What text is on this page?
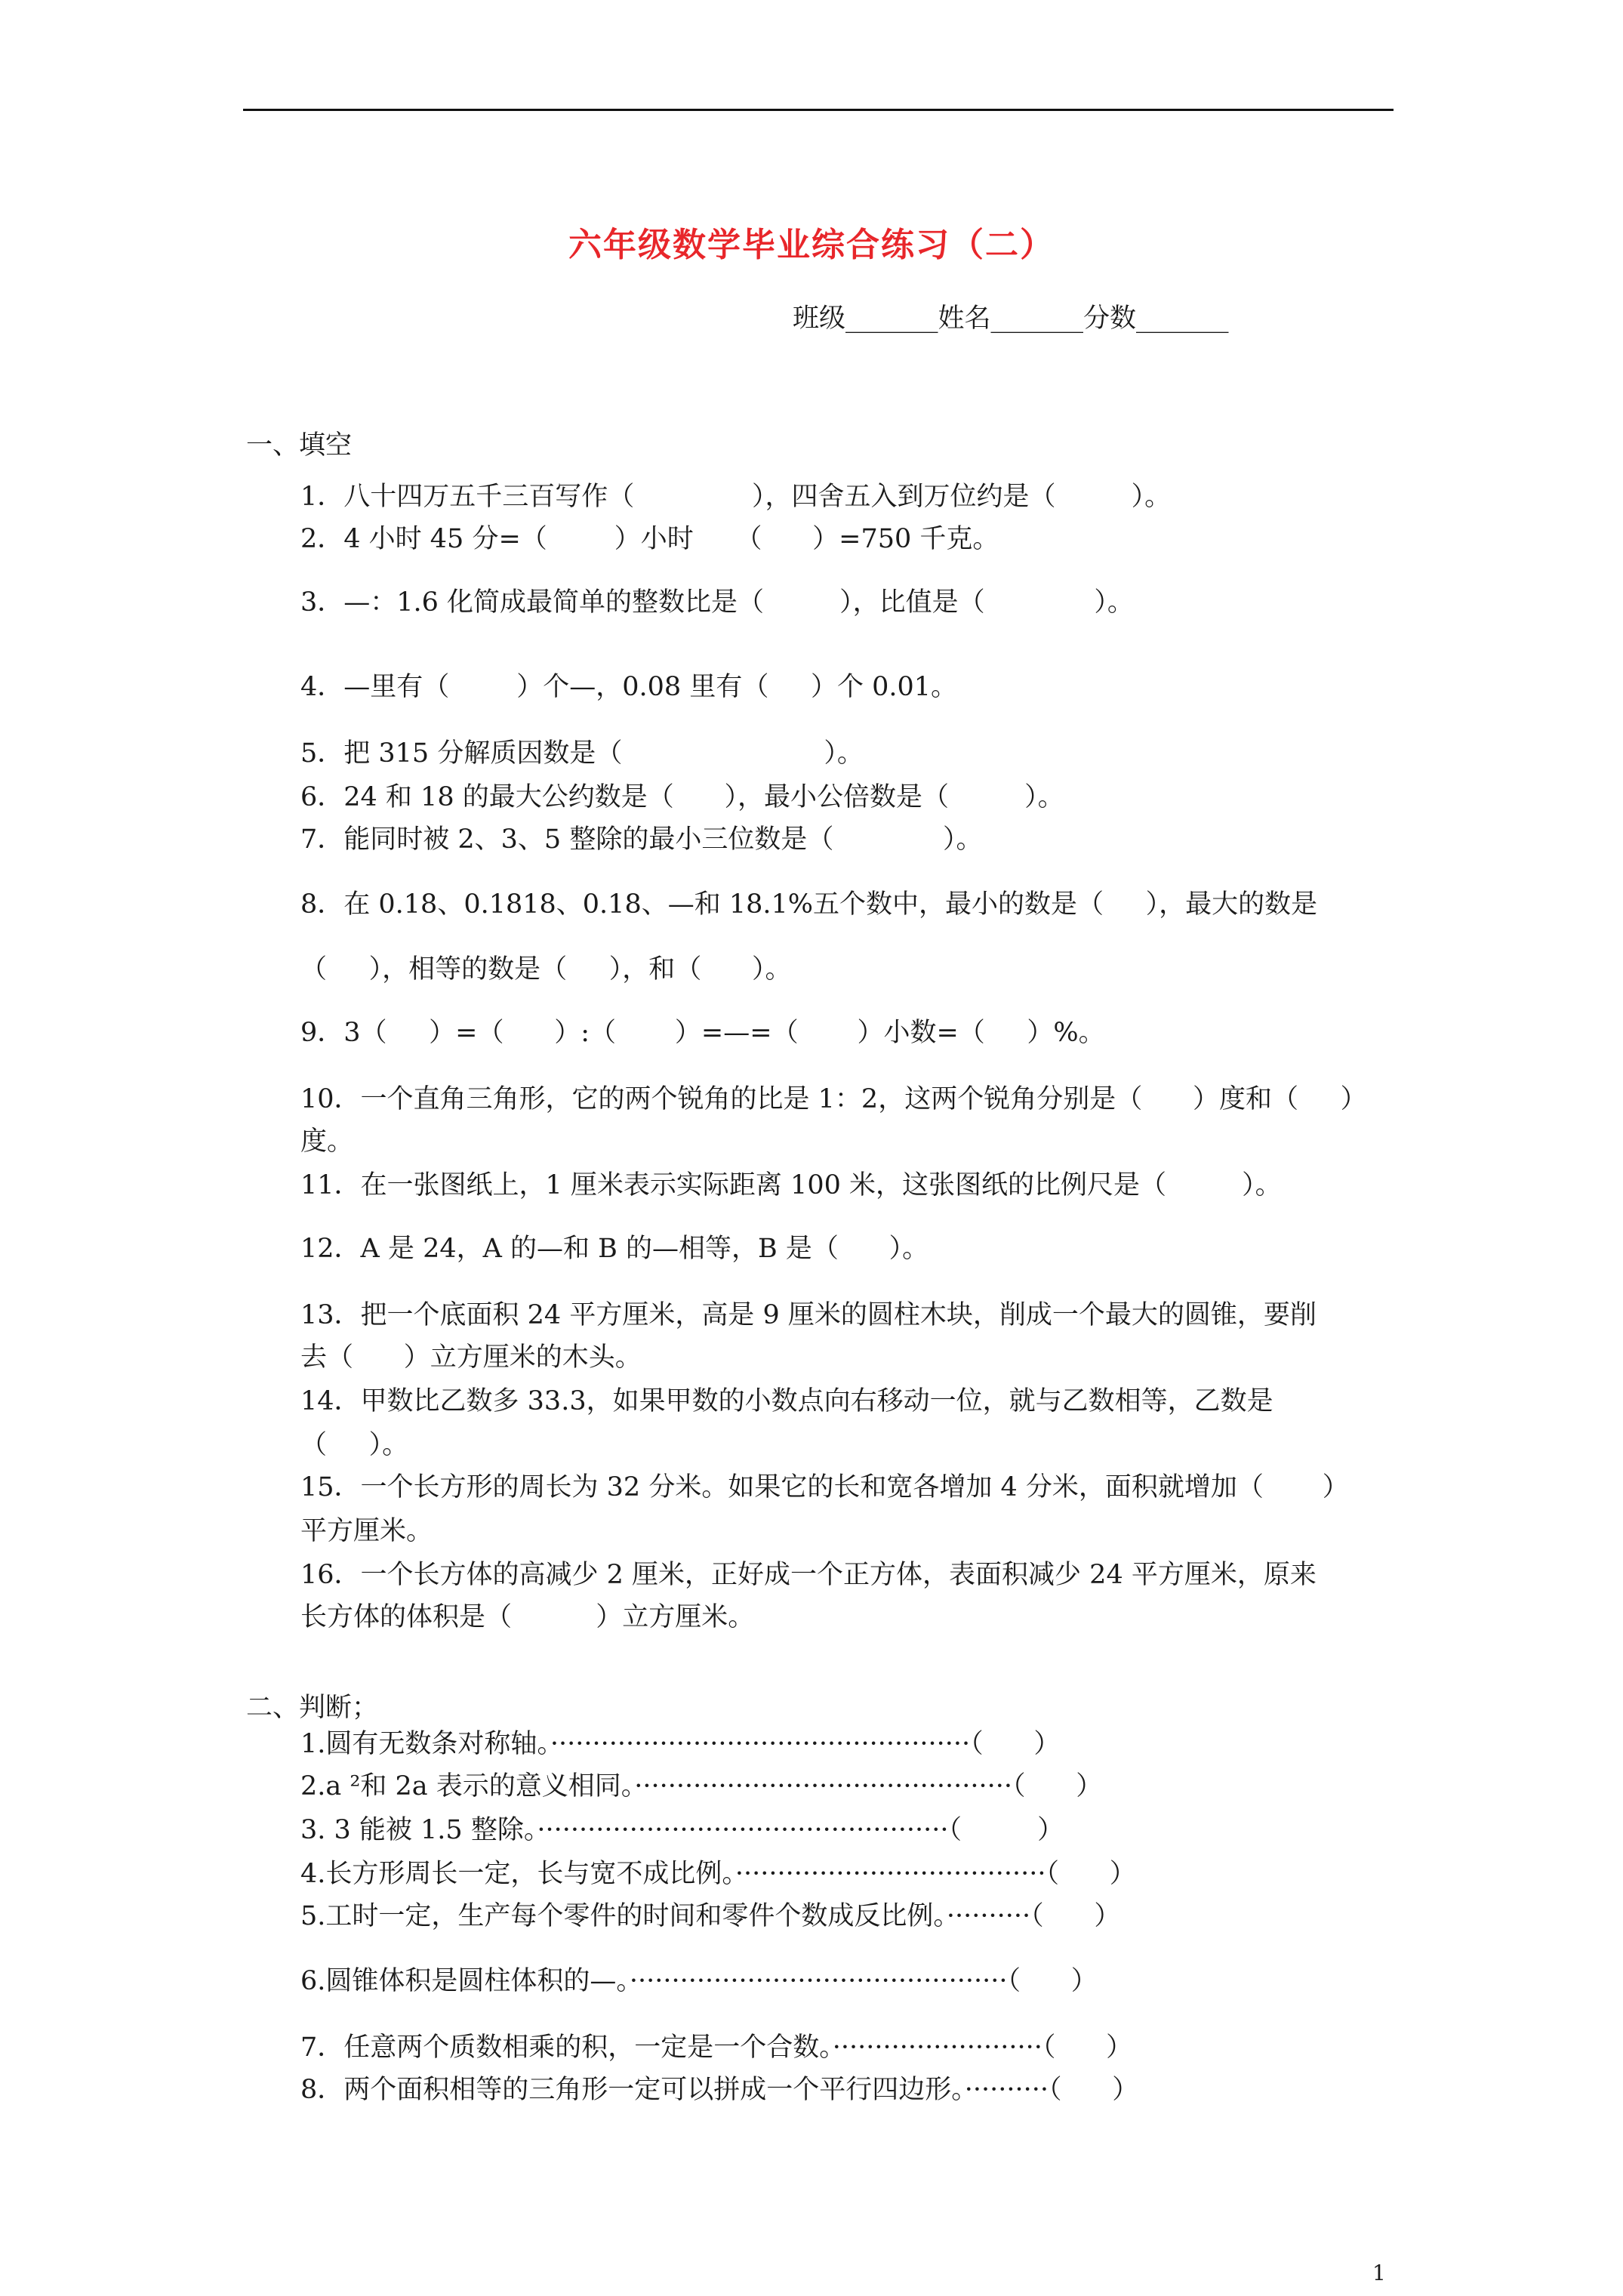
六年级数学毕业综合练习（二）
班级_______姓名_______分数_______
一、填空
1．八十四万五千三百写作（              ），四舍五入到万位约是（         ）。
2．4 小时 45 分=（        ）小时     （      ）=750 千克。
3．—：1.6 化简成最简单的整数比是（         ），比值是（             ）。
4．—里有（        ）个—，0.08 里有（     ）个 0.01。
5．把 315 分解质因数是（                        ）。
6．24 和 18 的最大公约数是（      ），最小公倍数是（         ）。
7．能同时被 2、3、5 整除的最小三位数是（             ）。
8．在 0.18、0.1818、0.18、—和 18.1%五个数中，最小的数是（     ），最大的数是
（     ），相等的数是（     ），和（      ）。
9．3（     ）=（      ）:（       ）=—=（       ）小数=（     ）%。
10．一个直角三角形，它的两个锐角的比是 1：2，这两个锐角分别是（      ）度和（     ）
度。
11．在一张图纸上，1 厘米表示实际距离 100 米，这张图纸的比例尺是（         ）。
12．A 是 24，A 的—和 B 的—相等，B 是（      ）。
13．把一个底面积 24 平方厘米，高是 9 厘米的圆柱木块，削成一个最大的圆锥，要削
去（      ）立方厘米的木头。
14．甲数比乙数多 33.3，如果甲数的小数点向右移动一位，就与乙数相等，乙数是
（     ）。
15．一个长方形的周长为 32 分米。如果它的长和宽各增加 4 分米，面积就增加（       ）
平方厘米。
16．一个长方体的高减少 2 厘米，正好成一个正方体，表面积减少 24 平方厘米，原来
长方体的体积是（          ）立方厘米。
二、判断；
1.圆有无数条对称轴。··················································（      ）
2.a ²和 2a 表示的意义相同。·············································（      ）
3. 3 能被 1.5 整除。·················································（         ）
4.长方形周长一定，长与宽不成比例。·····································（      ）
5.工时一定，生产每个零件的时间和零件个数成反比例。··········（      ）
6.圆锥体积是圆柱体积的—。·············································（      ）
7．任意两个质数相乘的积，一定是一个合数。·························（      ）
8．两个面积相等的三角形一定可以拼成一个平行四边形。··········（      ）
1
